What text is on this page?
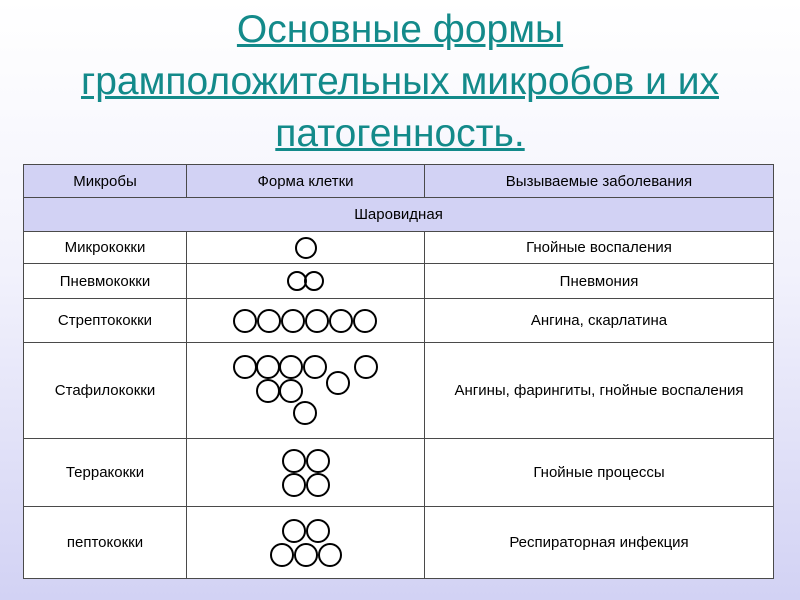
Основные формы
грамположительных микробов и их
патогенность.
Микробы	Форма клетки	Вызываемые заболевания
Шаровидная		
Микрококки		Гнойные воспаления
Пневмококки		Пневмония
Стрептококки		Ангина, скарлатина
Стафилококки		Ангины, фарингиты, гнойные воспаления
Терракокки		Гнойные процессы
пептококки		Респираторная инфекция
